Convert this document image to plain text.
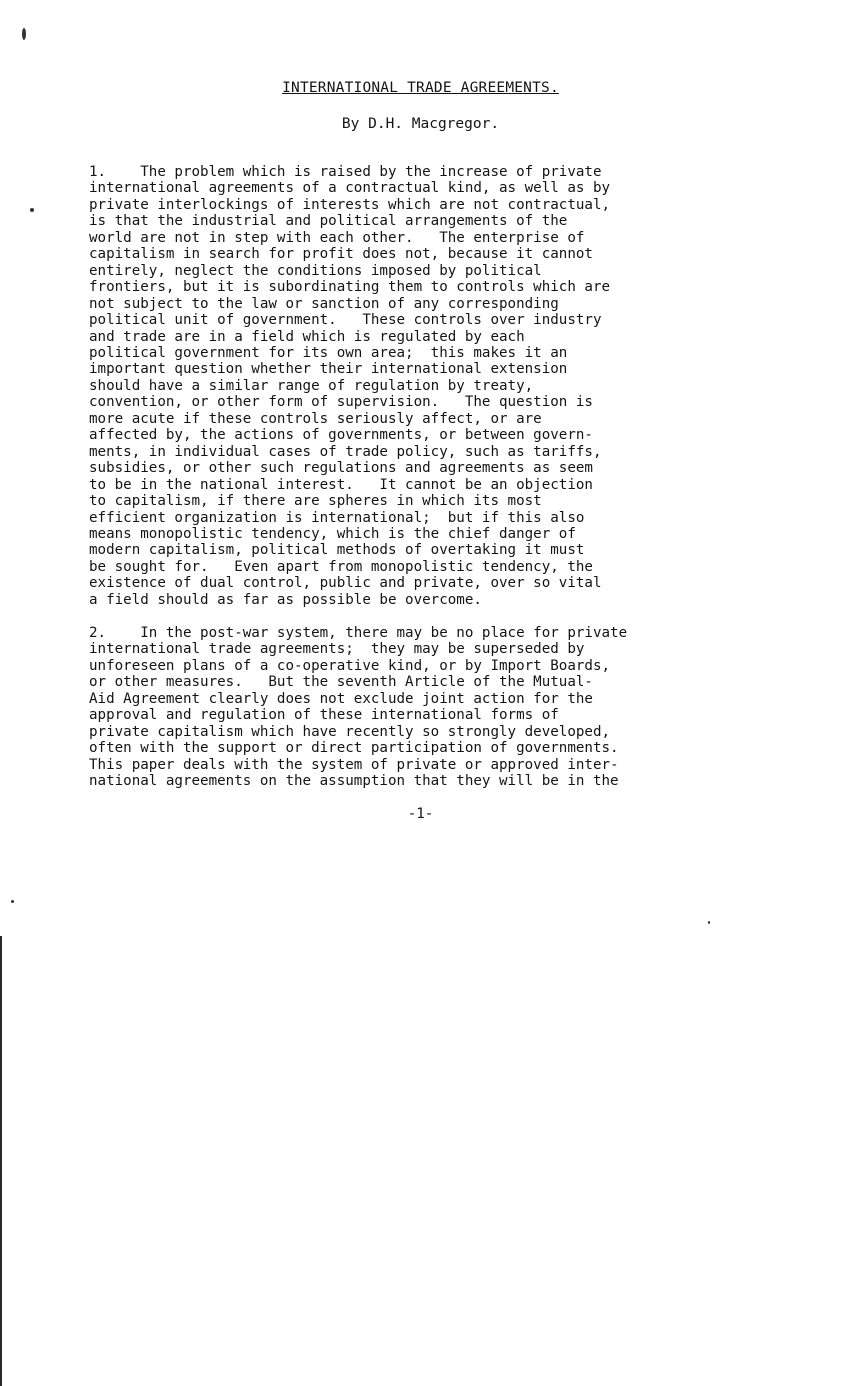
INTERNATIONAL TRADE AGREEMENTS.
By D.H. Macgregor.
1.    The problem which is raised by the increase of private
international agreements of a contractual kind, as well as by
private interlockings of interests which are not contractual,
is that the industrial and political arrangements of the
world are not in step with each other.   The enterprise of
capitalism in search for profit does not, because it cannot
entirely, neglect the conditions imposed by political
frontiers, but it is subordinating them to controls which are
not subject to the law or sanction of any corresponding
political unit of government.   These controls over industry
and trade are in a field which is regulated by each
political government for its own area;  this makes it an
important question whether their international extension
should have a similar range of regulation by treaty,
convention, or other form of supervision.   The question is
more acute if these controls seriously affect, or are
affected by, the actions of governments, or between govern-
ments, in individual cases of trade policy, such as tariffs,
subsidies, or other such regulations and agreements as seem
to be in the national interest.   It cannot be an objection
to capitalism, if there are spheres in which its most
efficient organization is international;  but if this also
means monopolistic tendency, which is the chief danger of
modern capitalism, political methods of overtaking it must
be sought for.   Even apart from monopolistic tendency, the
existence of dual control, public and private, over so vital
a field should as far as possible be overcome.
2.    In the post-war system, there may be no place for private
international trade agreements;  they may be superseded by
unforeseen plans of a co-operative kind, or by Import Boards,
or other measures.   But the seventh Article of the Mutual-
Aid Agreement clearly does not exclude joint action for the
approval and regulation of these international forms of
private capitalism which have recently so strongly developed,
often with the support or direct participation of governments.
This paper deals with the system of private or approved inter-
national agreements on the assumption that they will be in the
-1-
